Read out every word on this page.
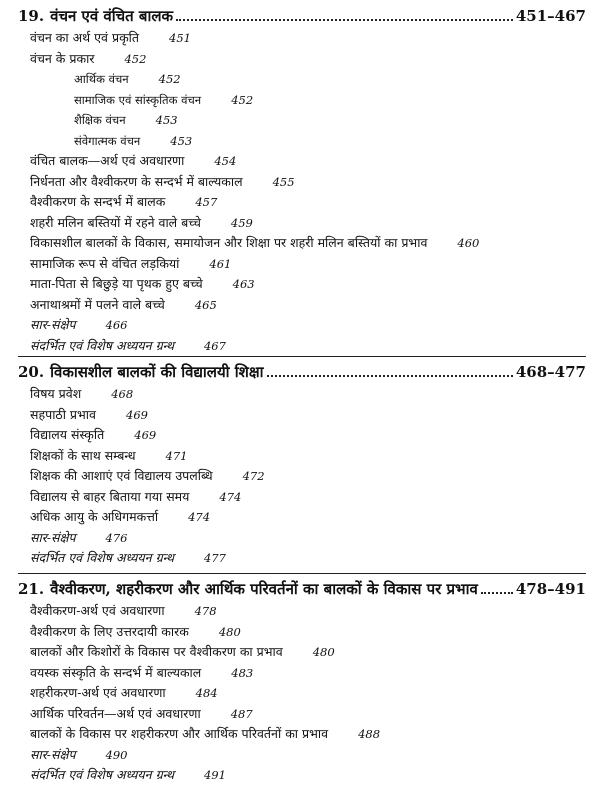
19. वंचन एवं वंचित बालक	451–467
वंचन का अर्थ एवं प्रकृति	451
वंचन के प्रकार	452
आर्थिक वंचन	452
सामाजिक एवं सांस्कृतिक वंचन	452
शैक्षिक वंचन	453
संवेगात्मक वंचन	453
वंचित बालक—अर्थ एवं अवधारणा	454
निर्धनता और वैश्वीकरण के सन्दर्भ में बाल्यकाल	455
वैश्वीकरण के सन्दर्भ में बालक	457
शहरी मलिन बस्तियों में रहने वाले बच्चे	459
विकासशील बालकों के विकास, समायोजन और शिक्षा पर शहरी मलिन बस्तियों का प्रभाव	460
सामाजिक रूप से वंचित लड़कियां	461
माता-पिता से बिछुड़े या पृथक हुए बच्चे	463
अनाथाश्रमों में पलने वाले बच्चे	465
सार-संक्षेप	466
संदर्भित एवं विशेष अध्ययन ग्रन्थ	467
20. विकासशील बालकों की विद्यालयी शिक्षा	468–477
विषय प्रवेश	468
सहपाठी प्रभाव	469
विद्यालय संस्कृति	469
शिक्षकों के साथ सम्बन्ध	471
शिक्षक की आशाएं एवं विद्यालय उपलब्धि	472
विद्यालय से बाहर बिताया गया समय	474
अधिक आयु के अधिगमकर्त्ता	474
सार-संक्षेप	476
संदर्भित एवं विशेष अध्ययन ग्रन्थ	477
21. वैश्वीकरण, शहरीकरण और आर्थिक परिवर्तनों का बालकों के विकास पर प्रभाव	478–491
वैश्वीकरण-अर्थ एवं अवधारणा	478
वैश्वीकरण के लिए उत्तरदायी कारक	480
बालकों और किशोरों के विकास पर वैश्वीकरण का प्रभाव	480
वयस्क संस्कृति के सन्दर्भ में बाल्यकाल	483
शहरीकरण-अर्थ एवं अवधारणा	484
आर्थिक परिवर्तन—अर्थ एवं अवधारणा	487
बालकों के विकास पर शहरीकरण और आर्थिक परिवर्तनों का प्रभाव	488
सार-संक्षेप	490
संदर्भित एवं विशेष अध्ययन ग्रन्थ	491
